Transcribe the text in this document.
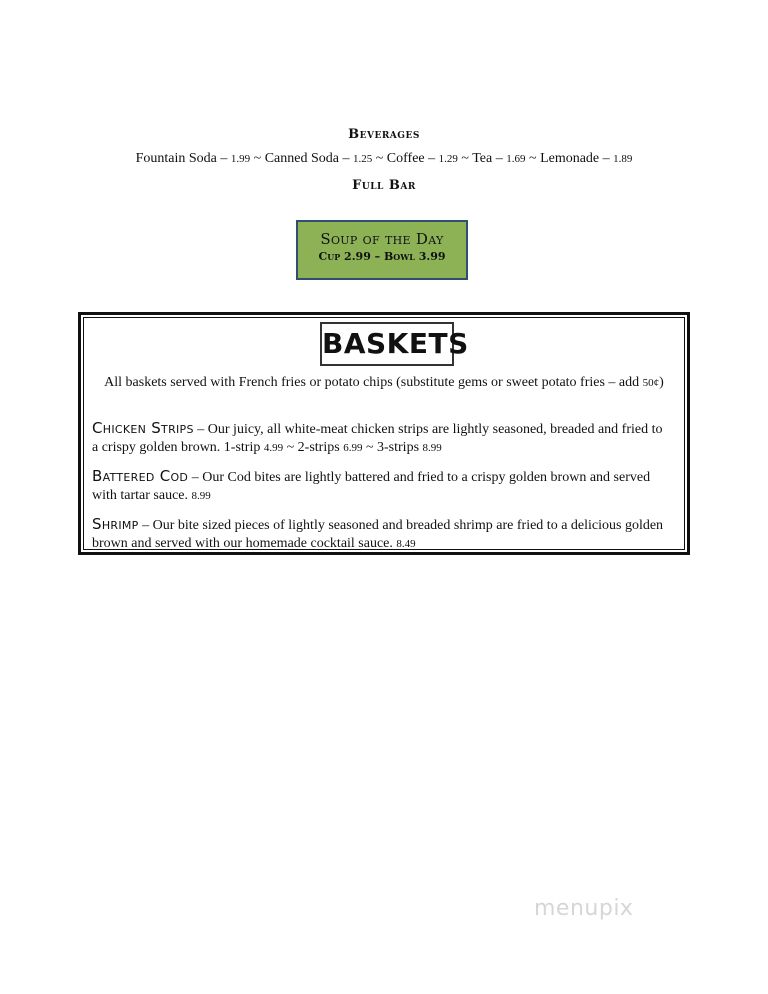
Beverages
Fountain Soda – 1.99 ~ Canned Soda – 1.25 ~ Coffee – 1.29 ~ Tea – 1.69 ~ Lemonade – 1.89
Full Bar
Soup of the Day
Cup 2.99 – Bowl 3.99
BASKETS
All baskets served with French fries or potato chips (substitute gems or sweet potato fries – add 50¢)
Chicken Strips – Our juicy, all white-meat chicken strips are lightly seasoned, breaded and fried to a crispy golden brown. 1-strip 4.99 ~ 2-strips 6.99 ~ 3-strips 8.99
Battered Cod – Our Cod bites are lightly battered and fried to a crispy golden brown and served with tartar sauce. 8.99
Shrimp – Our bite sized pieces of lightly seasoned and breaded shrimp are fried to a delicious golden brown and served with our homemade cocktail sauce. 8.49
menupix
